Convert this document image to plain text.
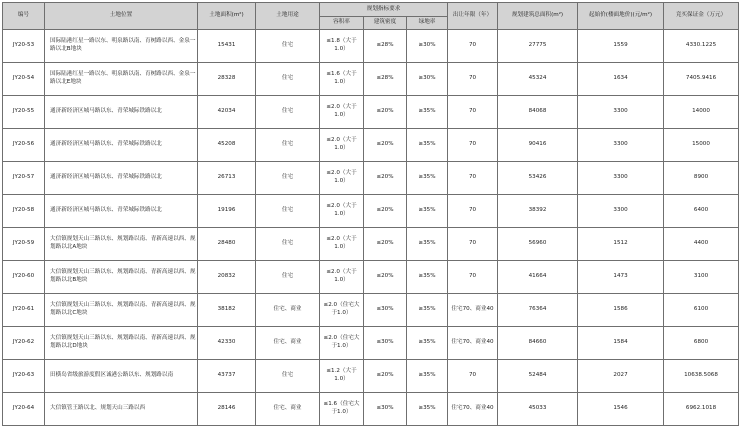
编号	土地位置	土地面积(m²)	土地用途	规划指标要求			出让年限（年）	规划建筑总面积(m²)	起始价(楼面地价)(元/m²)	竞买保证金（万元）
				容积率	建筑密度	绿地率				
JY20-53	国际陆港红星一路以东、明泉路以南、育树路以西、金泉一路以北B地块	15431	住宅	≤1.8（大于1.0）	≤28%	≥30%	70	27775	1559	4330.1225
JY20-54	国际陆港红星一路以东、明泉路以南、育树路以西、金泉一路以北E地块	28328	住宅	≤1.6（大于1.0）	≤28%	≥30%	70	45324	1634	7405.9416
JY20-55	通济新经济区城马路以东、青荣城际铁路以北	42034	住宅	≤2.0（大于1.0）	≤20%	≥35%	70	84068	3300	14000
JY20-56	通济新经济区城马路以东、青荣城际铁路以北	45208	住宅	≤2.0（大于1.0）	≤20%	≥35%	70	90416	3300	15000
JY20-57	通济新经济区城马路以东、青荣城际铁路以北	26713	住宅	≤2.0（大于1.0）	≤20%	≥35%	70	53426	3300	8900
JY20-58	通济新经济区城马路以东、青荣城际铁路以北	19196	住宅	≤2.0（大于1.0）	≤20%	≥35%	70	38392	3300	6400
JY20-59	大信镇规划天山三路以东、规划路以南、青新高速以西、规划路以北A地块	28480	住宅	≤2.0（大于1.0）	≤20%	≥35%	70	56960	1512	4400
JY20-60	大信镇规划天山三路以东、规划路以南、青新高速以西、规划路以北B地块	20832	住宅	≤2.0（大于1.0）	≤20%	≥35%	70	41664	1473	3100
JY20-61	大信镇规划天山三路以东、规划路以南、青新高速以西、规划路以北C地块	38182	住宅、商业	≤2.0（住宅大于1.0）	≤30%	≥35%	住宅70、商业40	76364	1586	6100
JY20-62	大信镇规划天山三路以东、规划路以南、青新高速以西、规划路以北D地块	42330	住宅、商业	≤2.0（住宅大于1.0）	≤30%	≥35%	住宅70、商业40	84660	1584	6800
JY20-63	田横岛省级旅游度假区诚港公路以东、规划路以南	43737	住宅	≤1.2（大于1.0）	≤20%	≥35%	70	52484	2027	10638.5068
JY20-64	大信镇管王路以北、规划天山三路以西	28146	住宅、商业	≤1.6（住宅大于1.0）	≤30%	≥35%	住宅70、商业40	45033	1546	6962.1018
